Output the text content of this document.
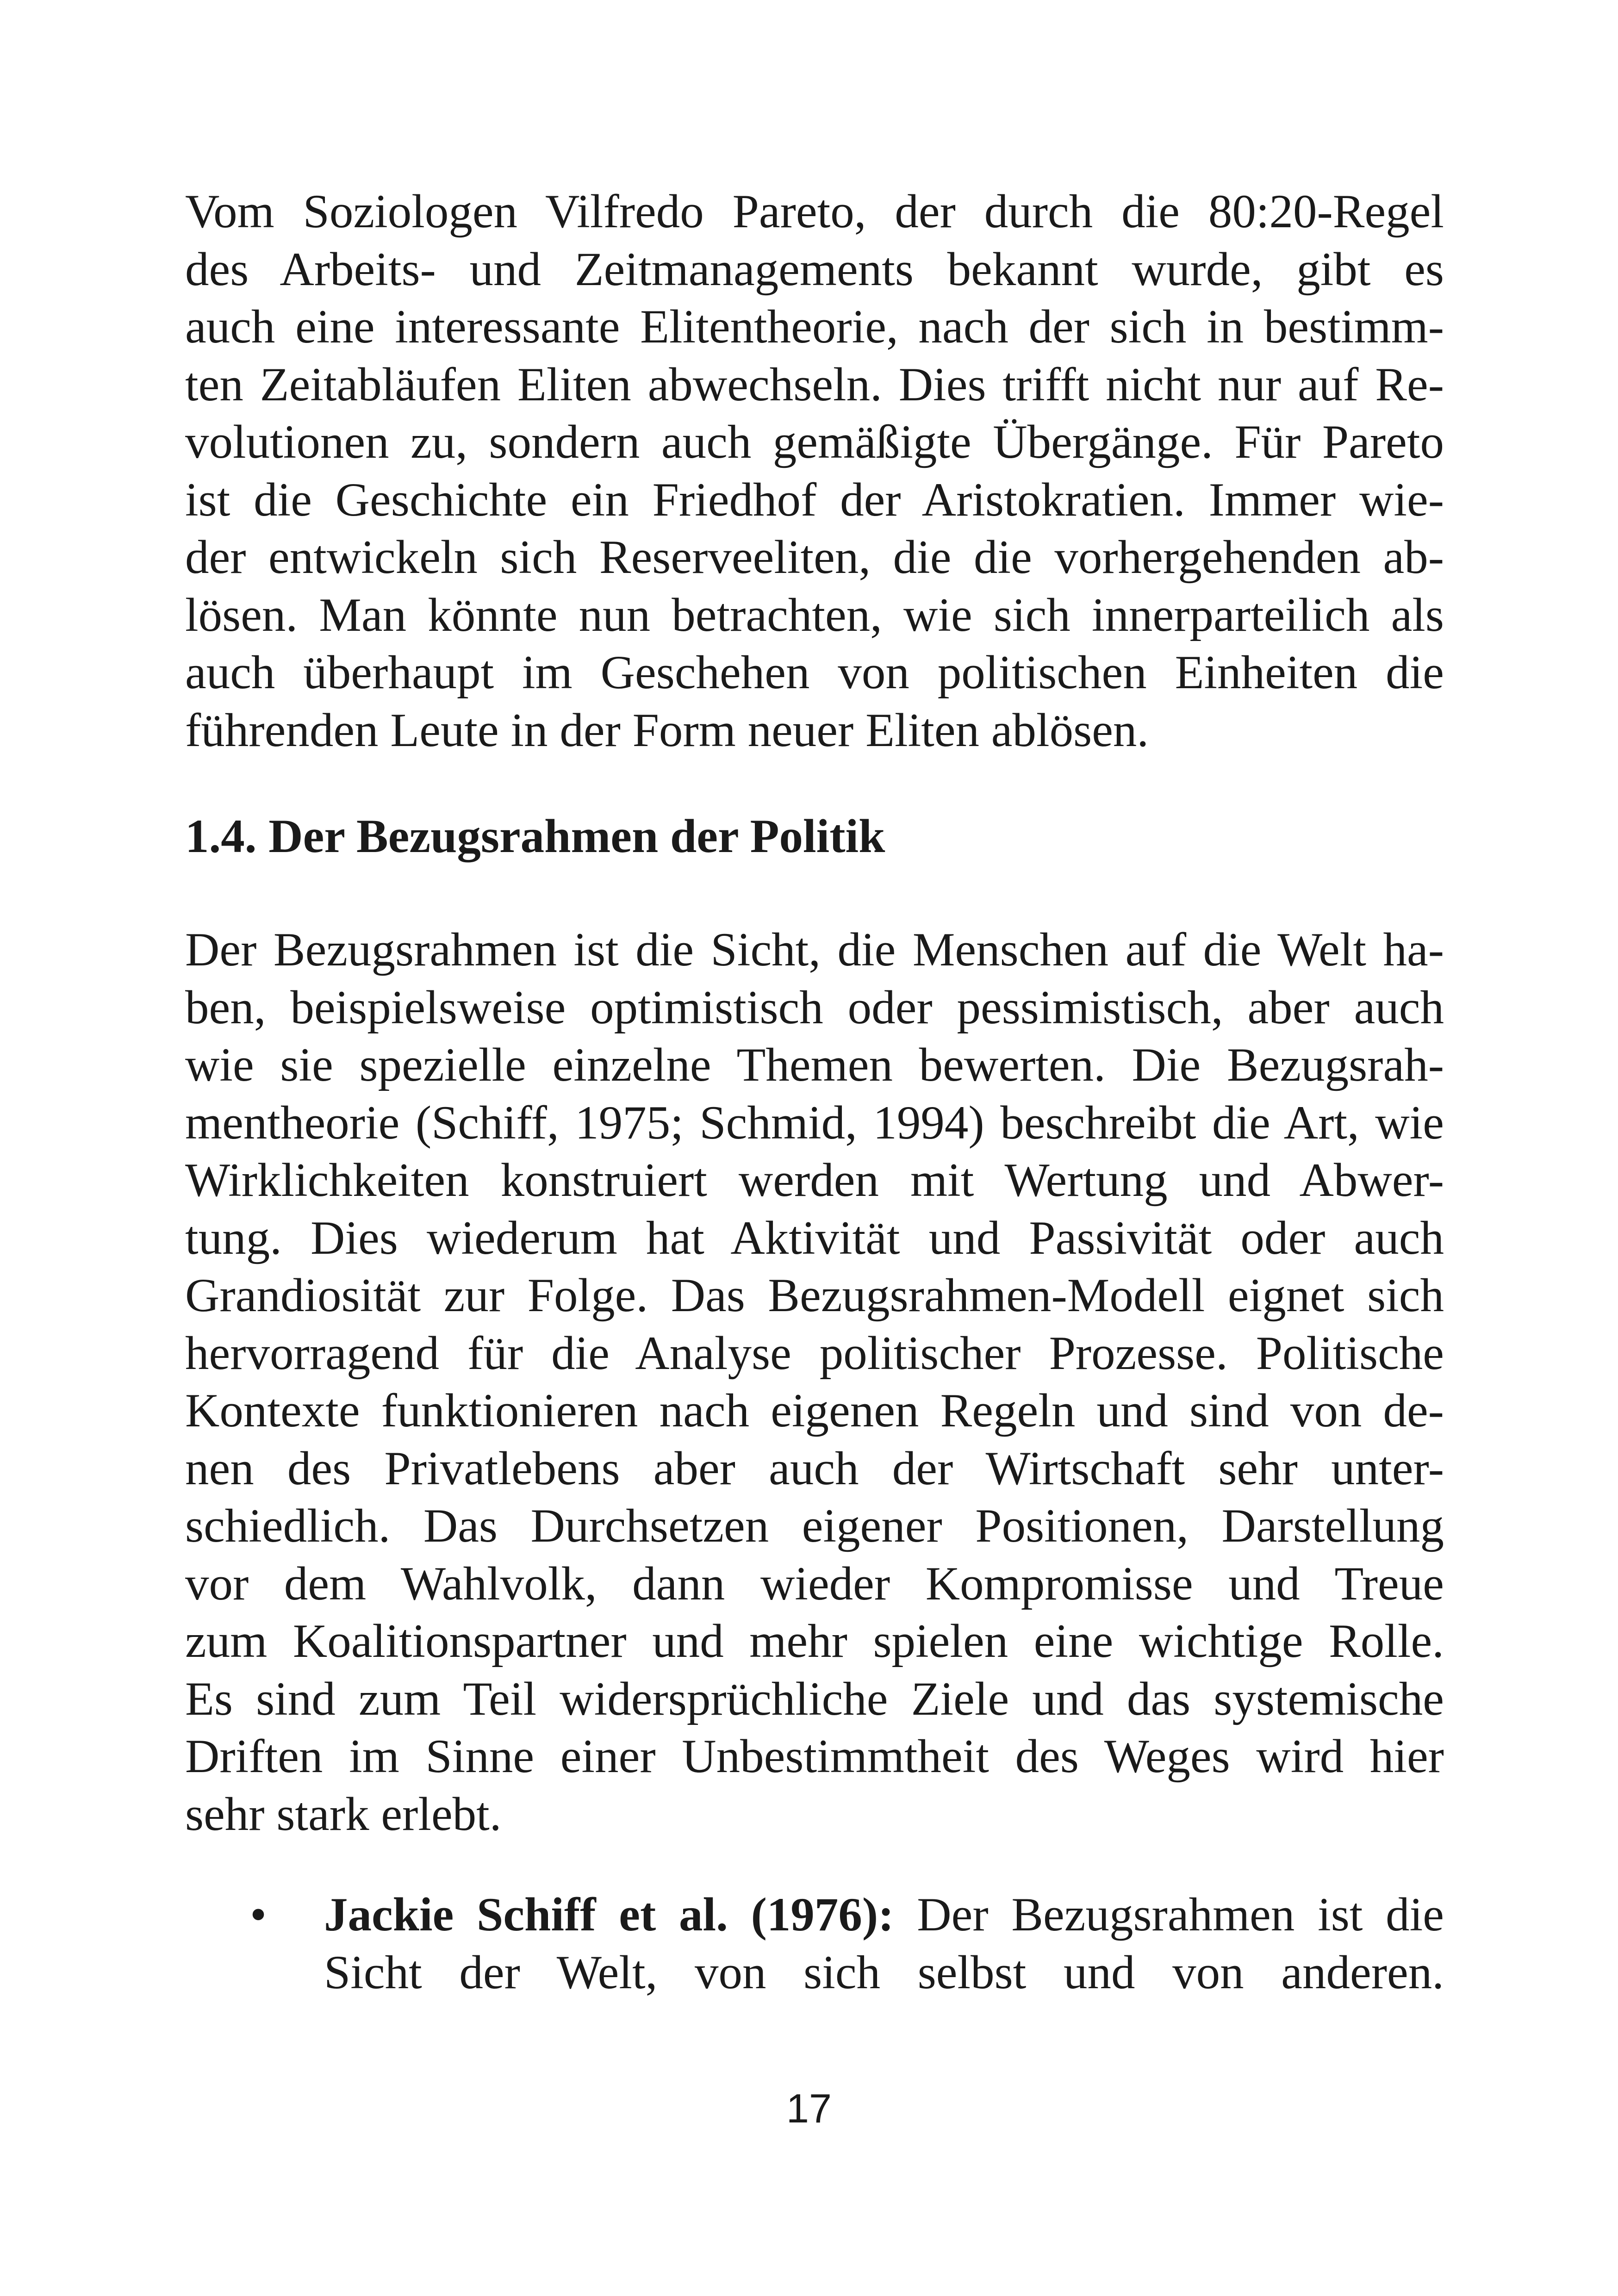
Vom Soziologen Vilfredo Pareto, der durch die 80:20-Regel
des Arbeits- und Zeitmanagements bekannt wurde, gibt es
auch eine interessante Elitentheorie, nach der sich in bestimm-
ten Zeitabläufen Eliten abwechseln. Dies trifft nicht nur auf Re-
volutionen zu, sondern auch gemäßigte Übergänge. Für Pareto
ist die Geschichte ein Friedhof der Aristokratien. Immer wie-
der entwickeln sich Reserveeliten, die die vorhergehenden ab-
lösen. Man könnte nun betrachten, wie sich innerparteilich als
auch überhaupt im Geschehen von politischen Einheiten die
führenden Leute in der Form neuer Eliten ablösen.
1.4. Der Bezugsrahmen der Politik
Der Bezugsrahmen ist die Sicht, die Menschen auf die Welt ha-
ben, beispielsweise optimistisch oder pessimistisch, aber auch
wie sie spezielle einzelne Themen bewerten. Die Bezugsrah-
mentheorie (Schiff, 1975; Schmid, 1994) beschreibt die Art, wie
Wirklichkeiten konstruiert werden mit Wertung und Abwer-
tung. Dies wiederum hat Aktivität und Passivität oder auch
Grandiosität zur Folge. Das Bezugsrahmen-Modell eignet sich
hervorragend für die Analyse politischer Prozesse. Politische
Kontexte funktionieren nach eigenen Regeln und sind von de-
nen des Privatlebens aber auch der Wirtschaft sehr unter-
schiedlich. Das Durchsetzen eigener Positionen, Darstellung
vor dem Wahlvolk, dann wieder Kompromisse und Treue
zum Koalitionspartner und mehr spielen eine wichtige Rolle.
Es sind zum Teil widersprüchliche Ziele und das systemische
Driften im Sinne einer Unbestimmtheit des Weges wird hier
sehr stark erlebt.
•	Jackie Schiff et al. (1976): Der Bezugsrahmen ist die
Sicht der Welt, von sich selbst und von anderen.
17
